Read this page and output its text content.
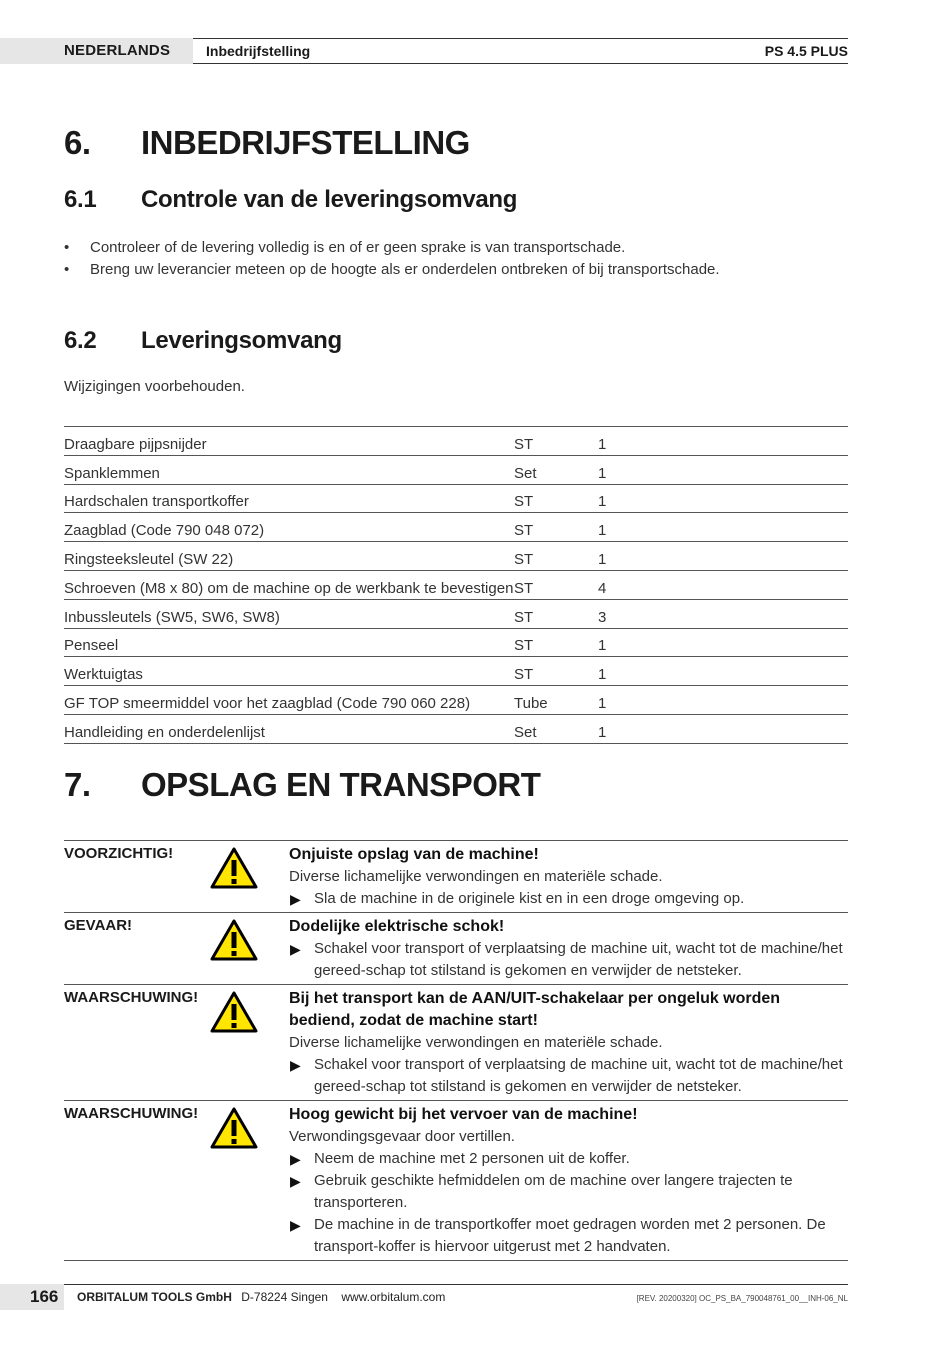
NEDERLANDS	Inbedrijfstelling	PS 4.5 PLUS
6. INBEDRIJFSTELLING
6.1 Controle van de leveringsomvang
• Controleer of de levering volledig is en of er geen sprake is van transportschade.
• Breng uw leverancier meteen op de hoogte als er onderdelen ontbreken of bij transportschade.
6.2 Leveringsomvang
Wijzigingen voorbehouden.
Draagbare pijpsnijder	ST	1
Spanklemmen	Set	1
Hardschalen transportkoffer	ST	1
Zaagblad (Code 790 048 072)	ST	1
Ringsteeksleutel (SW 22)	ST	1
Schroeven (M8 x 80) om de machine op de werkbank te bevestigen	ST	4
Inbussleutels (SW5, SW6, SW8)	ST	3
Penseel	ST	1
Werktuigtas	ST	1
GF TOP smeermiddel voor het zaagblad (Code 790 060 228)	Tube	1
Handleiding en onderdelenlijst	Set	1
7. OPSLAG EN TRANSPORT
VOORZICHTIG!	Onjuiste opslag van de machine!
Diverse lichamelijke verwondingen en materiële schade.
▶ Sla de machine in de originele kist en in een droge omgeving op.
GEVAAR!	Dodelijke elektrische schok!
▶ Schakel voor transport of verplaatsing de machine uit, wacht tot de machine/het gereed-schap tot stilstand is gekomen en verwijder de netsteker.
WAARSCHUWING!	Bij het transport kan de AAN/UIT-schakelaar per ongeluk worden bediend, zodat de machine start!
Diverse lichamelijke verwondingen en materiële schade.
▶ Schakel voor transport of verplaatsing de machine uit, wacht tot de machine/het gereed-schap tot stilstand is gekomen en verwijder de netsteker.
WAARSCHUWING!	Hoog gewicht bij het vervoer van de machine!
Verwondingsgevaar door vertillen.
▶ Neem de machine met 2 personen uit de koffer.
▶ Gebruik geschikte hefmiddelen om de machine over langere trajecten te transporteren.
▶ De machine in de transportkoffer moet gedragen worden met 2 personen. De transport-koffer is hiervoor uitgerust met 2 handvaten.
166 ORBITALUM TOOLS GmbH D-78224 Singen www.orbitalum.com	[REV. 20200320] OC_PS_BA_790048761_00__INH-06_NL
